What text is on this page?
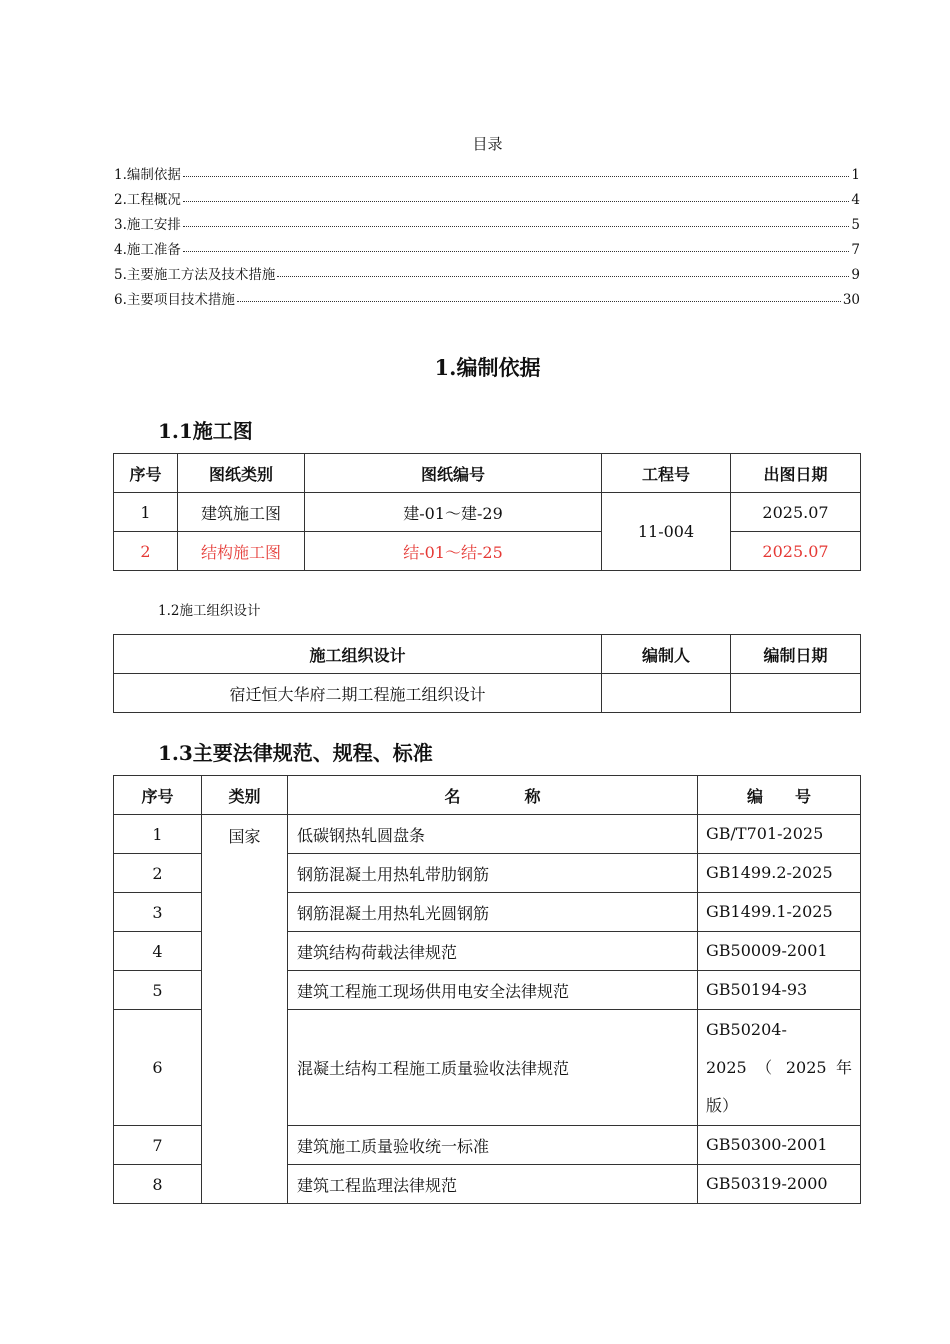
目录
1.编制依据	1
2.工程概况	4
3.施工安排	5
4.施工准备	7
5.主要施工方法及技术措施	9
6.主要项目技术措施	30
1.编制依据
1.1施工图
序号	图纸类别	图纸编号	工程号	出图日期
1	建筑施工图	建-01～建-29	11-004	2025.07
2	结构施工图	结-01～结-25		2025.07
1.2施工组织设计
施工组织设计	编制人	编制日期
宿迁恒大华府二期工程施工组织设计		
1.3主要法律规范、规程、标准
序号	类别	名　　　　称	编　　号
1	国家	低碳钢热轧圆盘条	GB/T701-2025
2		钢筋混凝土用热轧带肋钢筋	GB1499.2-2025
3		钢筋混凝土用热轧光圆钢筋	GB1499.1-2025
4		建筑结构荷载法律规范	GB50009-2001
5		建筑工程施工现场供用电安全法律规范	GB50194-93
6		混凝土结构工程施工质量验收法律规范	GB50204-
2025 （ 2025 年
版）

7		建筑施工质量验收统一标准	GB50300-2001
8		建筑工程监理法律规范	GB50319-2000
